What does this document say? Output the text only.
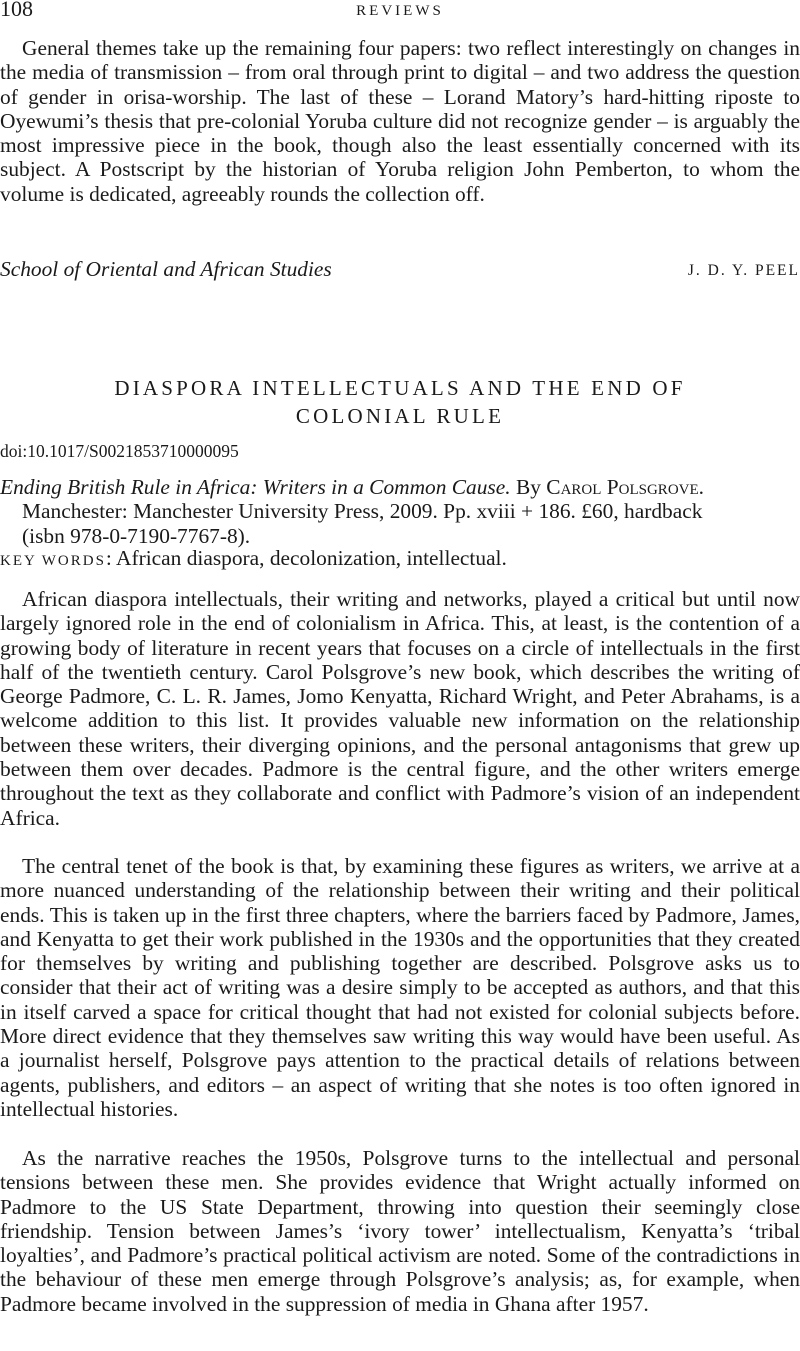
108	REVIEWS
General themes take up the remaining four papers: two reflect interestingly on changes in the media of transmission – from oral through print to digital – and two address the question of gender in orisa-worship. The last of these – Lorand Matory’s hard-hitting riposte to Oyewumi’s thesis that pre-colonial Yoruba culture did not recognize gender – is arguably the most impressive piece in the book, though also the least essentially concerned with its subject. A Postscript by the historian of Yoruba religion John Pemberton, to whom the volume is dedicated, agreeably rounds the collection off.
School of Oriental and African Studies	J. D. Y. PEEL
DIASPORA INTELLECTUALS AND THE END OF
COLONIAL RULE
doi:10.1017/S0021853710000095
Ending British Rule in Africa: Writers in a Common Cause. By Carol Polsgrove.
Manchester: Manchester University Press, 2009. Pp. xviii + 186. £60, hardback
(isbn 978-0-7190-7767-8).
KEY WORDS: African diaspora, decolonization, intellectual.
African diaspora intellectuals, their writing and networks, played a critical but until now largely ignored role in the end of colonialism in Africa. This, at least, is the contention of a growing body of literature in recent years that focuses on a circle of intellectuals in the first half of the twentieth century. Carol Polsgrove’s new book, which describes the writing of George Padmore, C. L. R. James, Jomo Kenyatta, Richard Wright, and Peter Abrahams, is a welcome addition to this list. It provides valuable new information on the relationship between these writers, their diverging opinions, and the personal antagonisms that grew up between them over decades. Padmore is the central figure, and the other writers emerge throughout the text as they collaborate and conflict with Padmore’s vision of an independent Africa.
The central tenet of the book is that, by examining these figures as writers, we arrive at a more nuanced understanding of the relationship between their writing and their political ends. This is taken up in the first three chapters, where the barriers faced by Padmore, James, and Kenyatta to get their work published in the 1930s and the opportunities that they created for themselves by writing and publishing together are described. Polsgrove asks us to consider that their act of writing was a desire simply to be accepted as authors, and that this in itself carved a space for critical thought that had not existed for colonial subjects before. More direct evidence that they themselves saw writing this way would have been useful. As a journalist herself, Polsgrove pays attention to the practical details of relations between agents, publishers, and editors – an aspect of writing that she notes is too often ignored in intellectual histories.
As the narrative reaches the 1950s, Polsgrove turns to the intellectual and personal tensions between these men. She provides evidence that Wright actually informed on Padmore to the US State Department, throwing into question their seemingly close friendship. Tension between James’s ‘ivory tower’ intellectualism, Kenyatta’s ‘tribal loyalties’, and Padmore’s practical political activism are noted. Some of the contradictions in the behaviour of these men emerge through Polsgrove’s analysis; as, for example, when Padmore became involved in the suppression of media in Ghana after 1957.
